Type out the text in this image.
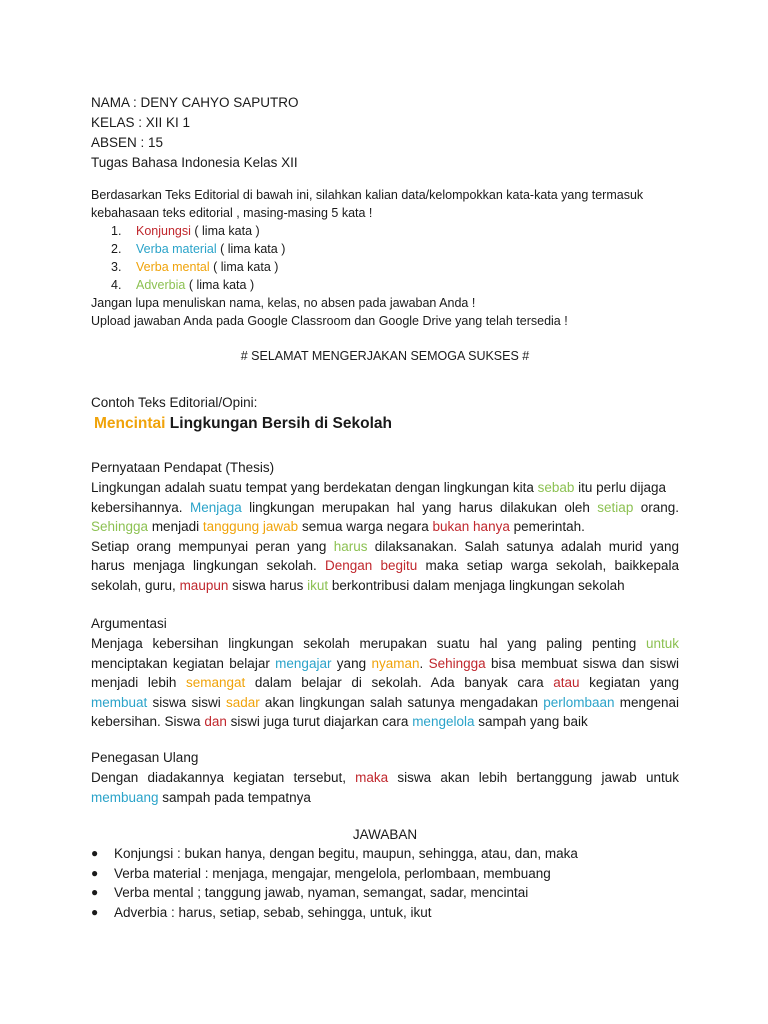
NAMA : DENY CAHYO SAPUTRO
KELAS : XII KI 1
ABSEN : 15
Tugas Bahasa Indonesia Kelas XII
Berdasarkan Teks Editorial di bawah ini, silahkan kalian data/kelompokkan kata-kata yang termasuk
kebahasaan teks editorial , masing-masing 5 kata !
1. Konjungsi ( lima kata )
2. Verba material ( lima kata )
3. Verba mental ( lima kata )
4. Adverbia ( lima kata )
Jangan lupa menuliskan nama, kelas, no absen pada jawaban Anda !
Upload jawaban Anda pada Google Classroom dan Google Drive yang telah tersedia !
# SELAMAT MENGERJAKAN SEMOGA SUKSES #
Contoh Teks Editorial/Opini:
Mencintai Lingkungan Bersih di Sekolah
Pernyataan Pendapat (Thesis)
Lingkungan adalah suatu tempat yang berdekatan dengan lingkungan kita sebab itu perlu dijaga
kebersihannya. Menjaga lingkungan merupakan hal yang harus dilakukan oleh setiap orang.
Sehingga menjadi tanggung jawab semua warga negara bukan hanya pemerintah.
Setiap orang mempunyai peran yang harus dilaksanakan. Salah satunya adalah murid yang
harus menjaga lingkungan sekolah. Dengan begitu maka setiap warga sekolah, baikkepala
sekolah, guru, maupun siswa harus ikut berkontribusi dalam menjaga lingkungan sekolah
Argumentasi
Menjaga kebersihan lingkungan sekolah merupakan suatu hal yang paling penting untuk
menciptakan kegiatan belajar mengajar yang nyaman. Sehingga bisa membuat siswa dan siswi
menjadi lebih semangat dalam belajar di sekolah. Ada banyak cara atau kegiatan yang
membuat siswa siswi sadar akan lingkungan salah satunya mengadakan perlombaan mengenai
kebersihan. Siswa dan siswi juga turut diajarkan cara mengelola sampah yang baik
Penegasan Ulang
Dengan diadakannya kegiatan tersebut, maka siswa akan lebih bertanggung jawab untuk
membuang sampah pada tempatnya
JAWABAN
● Konjungsi : bukan hanya, dengan begitu, maupun, sehingga, atau, dan, maka
● Verba material : menjaga, mengajar, mengelola, perlombaan, membuang
● Verba mental ; tanggung jawab, nyaman, semangat, sadar, mencintai
● Adverbia : harus, setiap, sebab, sehingga, untuk, ikut
